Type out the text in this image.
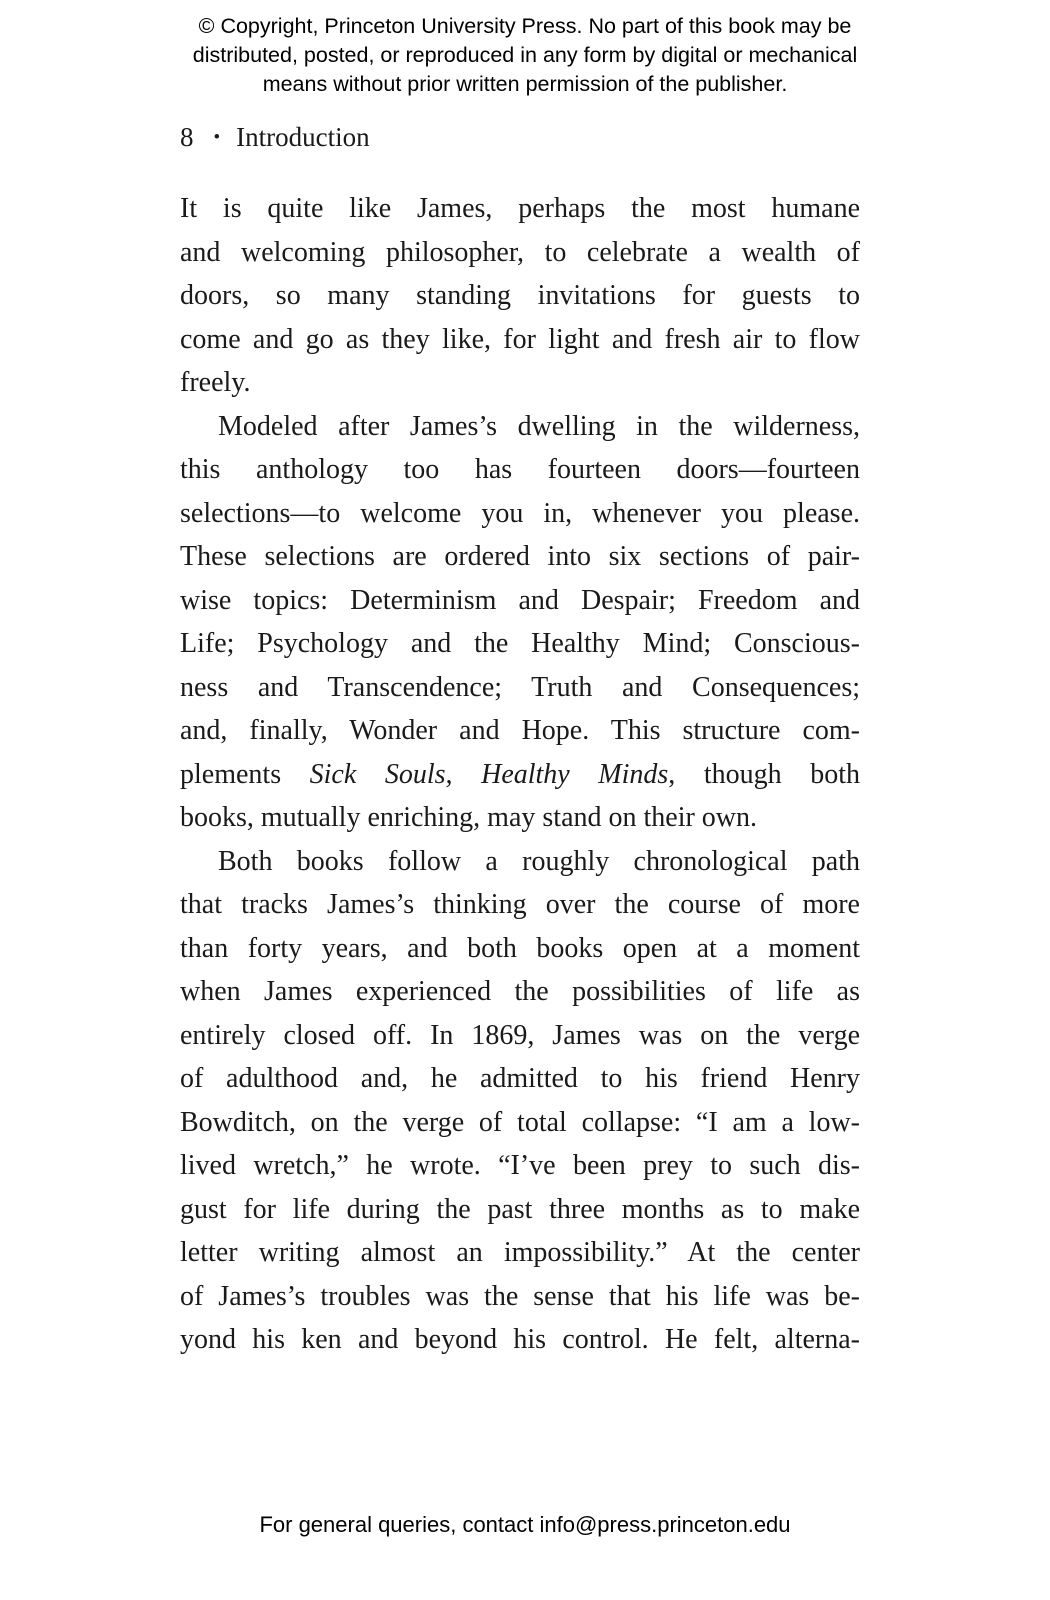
© Copyright, Princeton University Press. No part of this book may be
distributed, posted, or reproduced in any form by digital or mechanical
means without prior written permission of the publisher.
8 • Introduction
It is quite like James, perhaps the most humane
and welcoming philosopher, to celebrate a wealth of
doors, so many standing invitations for guests to
come and go as they like, for light and fresh air to flow
freely.
Modeled after James’s dwelling in the wilderness,
this anthology too has fourteen doors—fourteen
selections—to welcome you in, whenever you please.
These selections are ordered into six sections of pair-
wise topics: Determinism and Despair; Freedom and
Life; Psychology and the Healthy Mind; Conscious-
ness and Transcendence; Truth and Consequences;
and, finally, Wonder and Hope. This structure com-
plements Sick Souls, Healthy Minds, though both
books, mutually enriching, may stand on their own.
Both books follow a roughly chronological path
that tracks James’s thinking over the course of more
than forty years, and both books open at a moment
when James experienced the possibilities of life as
entirely closed off. In 1869, James was on the verge
of adulthood and, he admitted to his friend Henry
Bowditch, on the verge of total collapse: “I am a low-
lived wretch,” he wrote. “I’ve been prey to such dis-
gust for life during the past three months as to make
letter writing almost an impossibility.” At the center
of James’s troubles was the sense that his life was be-
yond his ken and beyond his control. He felt, alterna-
For general queries, contact info@press.princeton.edu
